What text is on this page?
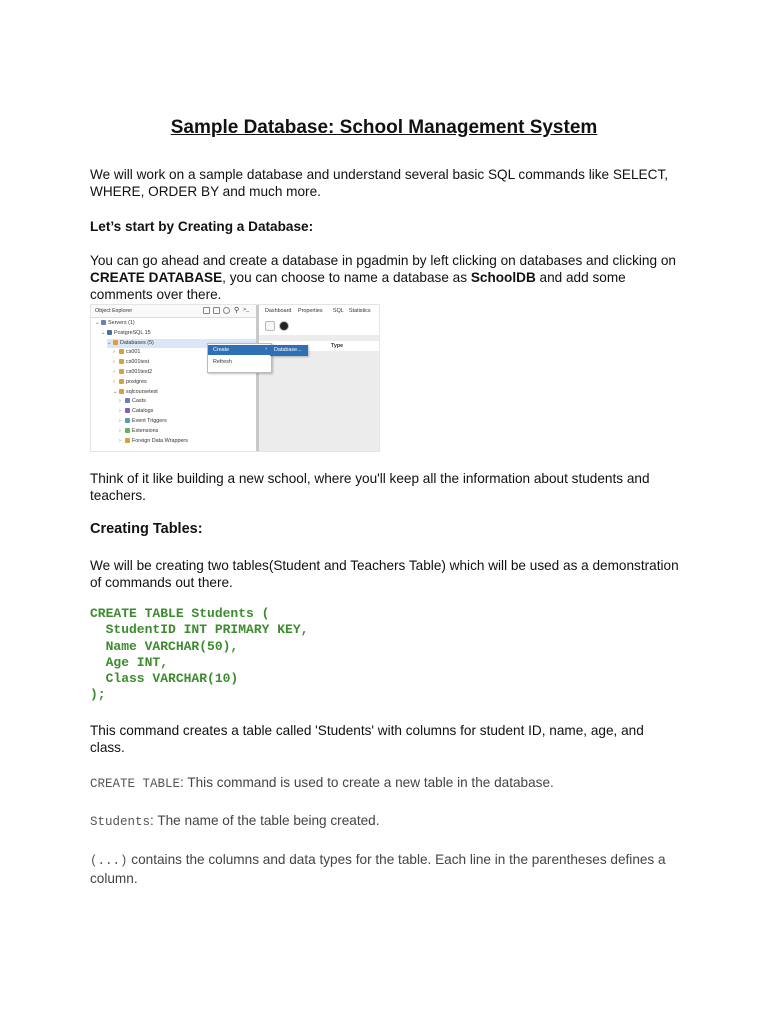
Sample Database: School Management System

We will work on a sample database and understand several basic SQL commands like SELECT, WHERE, ORDER BY and much more.

Let’s start by Creating a Database:

You can go ahead and create a database in pgadmin by left clicking on databases and clicking on CREATE DATABASE, you can choose to name a database as SchoolDB and add some comments over there.

Object Explorer	⚲ >_
⌄ Servers (1)
⌄ PostgreSQL 15
⌄ Databases (5)
› cs001
› cs001test
› cs001test2
› postgres
⌄ sqlcoursetest
› Casts
› Catalogs
› Event Triggers
› Extensions
› Foreign Data Wrappers
Dashboard Properties SQL Statistics
Type
Create	›
Refresh
Database...

Think of it like building a new school, where you'll keep all the information about students and teachers.

Creating Tables:

We will be creating two tables(Student and Teachers Table) which will be used as a demonstration of commands out there.

CREATE TABLE Students (
StudentID INT PRIMARY KEY,
Name VARCHAR(50),
Age INT,
Class VARCHAR(10)
);

This command creates a table called 'Students' with columns for student ID, name, age, and class.

CREATE TABLE: This command is used to create a new table in the database.

Students: The name of the table being created.

(...) contains the columns and data types for the table. Each line in the parentheses defines a column.
